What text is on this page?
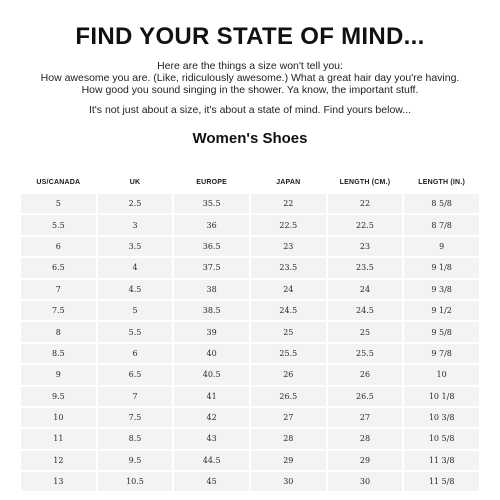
FIND YOUR STATE OF MIND...
Here are the things a size won't tell you:
How awesome you are. (Like, ridiculously awesome.) What a great hair day you're having.
How good you sound singing in the shower. Ya know, the important stuff.
It's not just about a size, it's about a state of mind. Find yours below...
Women's Shoes
US/CANADA	UK	EUROPE	JAPAN	LENGTH (CM.)	LENGTH (IN.)
5	2.5	35.5	22	22	8 5/8
5.5	3	36	22.5	22.5	8 7/8
6	3.5	36.5	23	23	9
6.5	4	37.5	23.5	23.5	9 1/8
7	4.5	38	24	24	9 3/8
7.5	5	38.5	24.5	24.5	9 1/2
8	5.5	39	25	25	9 5/8
8.5	6	40	25.5	25.5	9 7/8
9	6.5	40.5	26	26	10
9.5	7	41	26.5	26.5	10 1/8
10	7.5	42	27	27	10 3/8
11	8.5	43	28	28	10 5/8
12	9.5	44.5	29	29	11 3/8
13	10.5	45	30	30	11 5/8
